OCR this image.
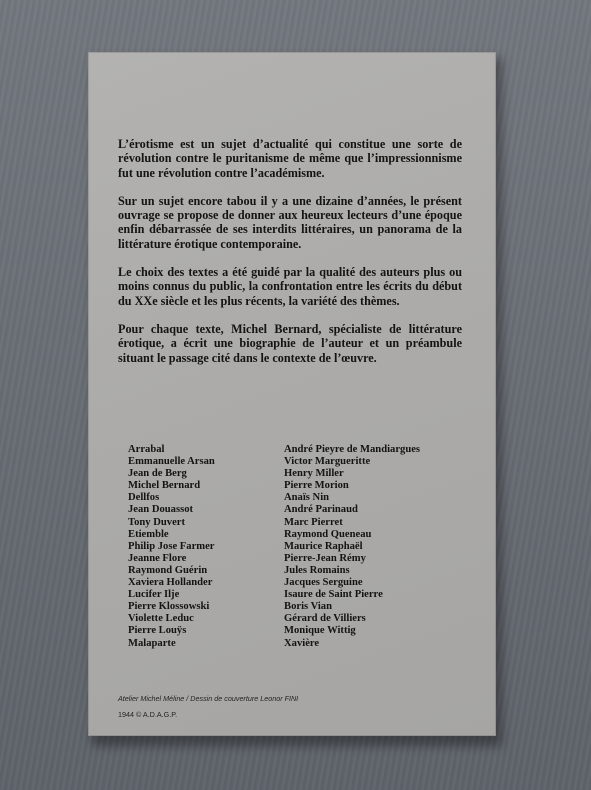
L’érotisme est un sujet d’actualité qui constitue une sorte de révolution contre le puritanisme de même que l’impressionnisme fut une révolution contre l’académisme.

Sur un sujet encore tabou il y a une dizaine d’années, le présent ouvrage se propose de donner aux heureux lecteurs d’une époque enfin débarrassée de ses interdits littéraires, un panorama de la littérature érotique contemporaine.

Le choix des textes a été guidé par la qualité des auteurs plus ou moins connus du public, la confrontation entre les écrits du début du XXe siècle et les plus récents, la variété des thèmes.

Pour chaque texte, Michel Bernard, spécialiste de littérature érotique, a écrit une biographie de l’auteur et un préambule situant le passage cité dans le contexte de l’œuvre.

Arrabal
Emmanuelle Arsan
Jean de Berg
Michel Bernard
Dellfos
Jean Douassot
Tony Duvert
Etiemble
Philip Jose Farmer
Jeanne Flore
Raymond Guérin
Xaviera Hollander
Lucifer Ilje
Pierre Klossowski
Violette Leduc
Pierre Louÿs
Malaparte
André Pieyre de Mandiargues
Victor Margueritte
Henry Miller
Pierre Morion
Anaïs Nin
André Parinaud
Marc Pierret
Raymond Queneau
Maurice Raphaël
Pierre-Jean Rémy
Jules Romains
Jacques Serguine
Isaure de Saint Pierre
Boris Vian
Gérard de Villiers
Monique Wittig
Xavière
Atelier Michel Méline / Dessin de couverture Leonor FINI
1944 © A.D.A.G.P.
